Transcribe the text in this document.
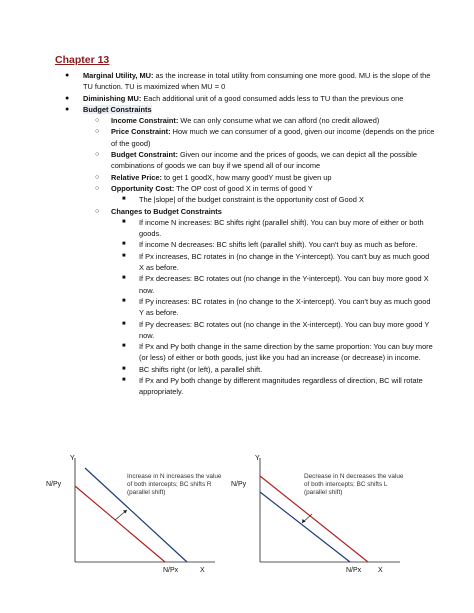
Chapter 13
● Marginal Utility, MU: as the increase in total utility from consuming one more good. MU is the slope of the TU function. TU is maximized when MU = 0
● Diminishing MU: Each additional unit of a good consumed adds less to TU than the previous one
● Budget Constraints
○ Income Constraint: We can only consume what we can afford (no credit allowed)
○ Price Constraint: How much we can consumer of a good, given our income (depends on the price of the good)
○ Budget Constraint: Given our income and the prices of goods, we can depict all the possible combinations of goods we can buy if we spend all of our income
○ Relative Price: to get 1 goodX, how many goodY must be given up
○ Opportunity Cost: The OP cost of good X in terms of good Y
■ The |slope| of the budget constraint is the opportunity cost of Good X
○ Changes to Budget Constraints
■ If income N increases: BC shifts right (parallel shift). You can buy more of either or both goods.
■ If income N decreases: BC shifts left (parallel shift). You can't buy as much as before.
■ If Px increases, BC rotates in (no change in the Y-intercept). You can't buy as much good X as before.
■ If Px decreases: BC rotates out (no change in the Y-intercept). You can buy more good X now.
■ If Py increases: BC rotates in (no change to the X-intercept). You can't buy as much good Y as before.
■ If Py decreases: BC rotates out (no change in the X-intercept). You can buy more good Y now.
■ If Px and Py both change in the same direction by the same proportion: You can buy more (or less) of either or both goods, just like you had an increase (or decrease) in income.
■ BC shifts right (or left), a parallel shift.
■ If Px and Py both change by different magnitudes regardless of direction, BC will rotate appropriately.
Y
X
N/Py
N/Px
Increase in N increases the value
of both intercepts; BC shifts R
(parallel shift)
Y
X
N/Py
N/Px
Decrease in N decreases the value
of both intercepts; BC shifts L
(parallel shift)
